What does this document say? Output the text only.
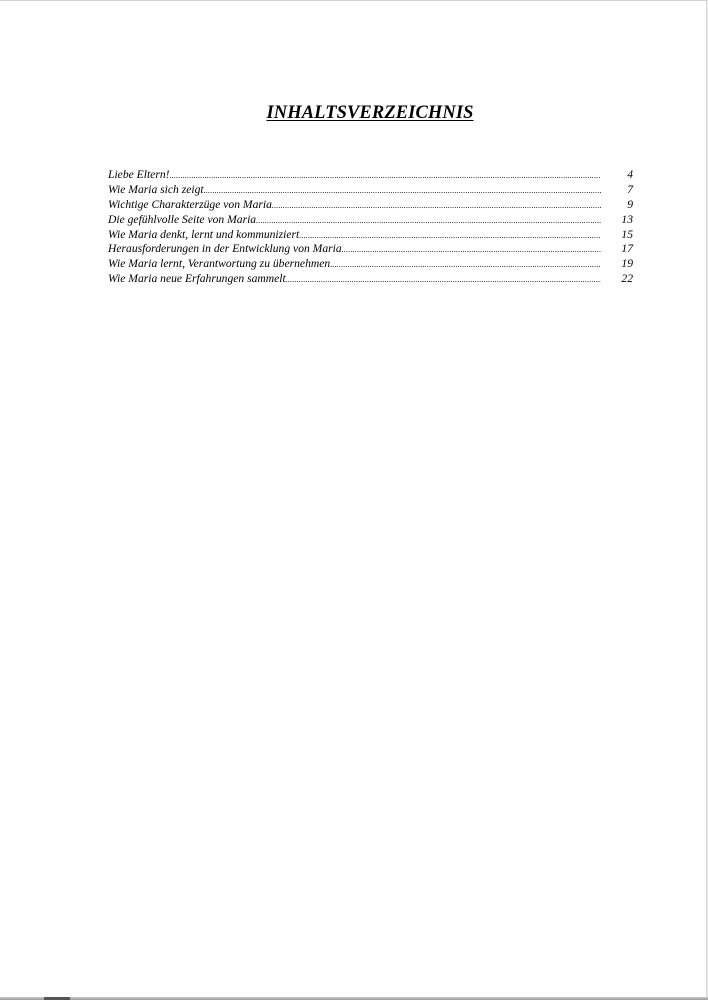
INHALTSVERZEICHNIS
Liebe Eltern! .....	4
Wie Maria sich zeigt .....	7
Wichtige Charakterzüge von Maria .....	9
Die gefühlvolle Seite von Maria .....	13
Wie Maria denkt, lernt und kommuniziert .....	15
Herausforderungen in der Entwicklung von Maria .....	17
Wie Maria lernt, Verantwortung zu übernehmen .....	19
Wie Maria neue Erfahrungen sammelt .....	22
